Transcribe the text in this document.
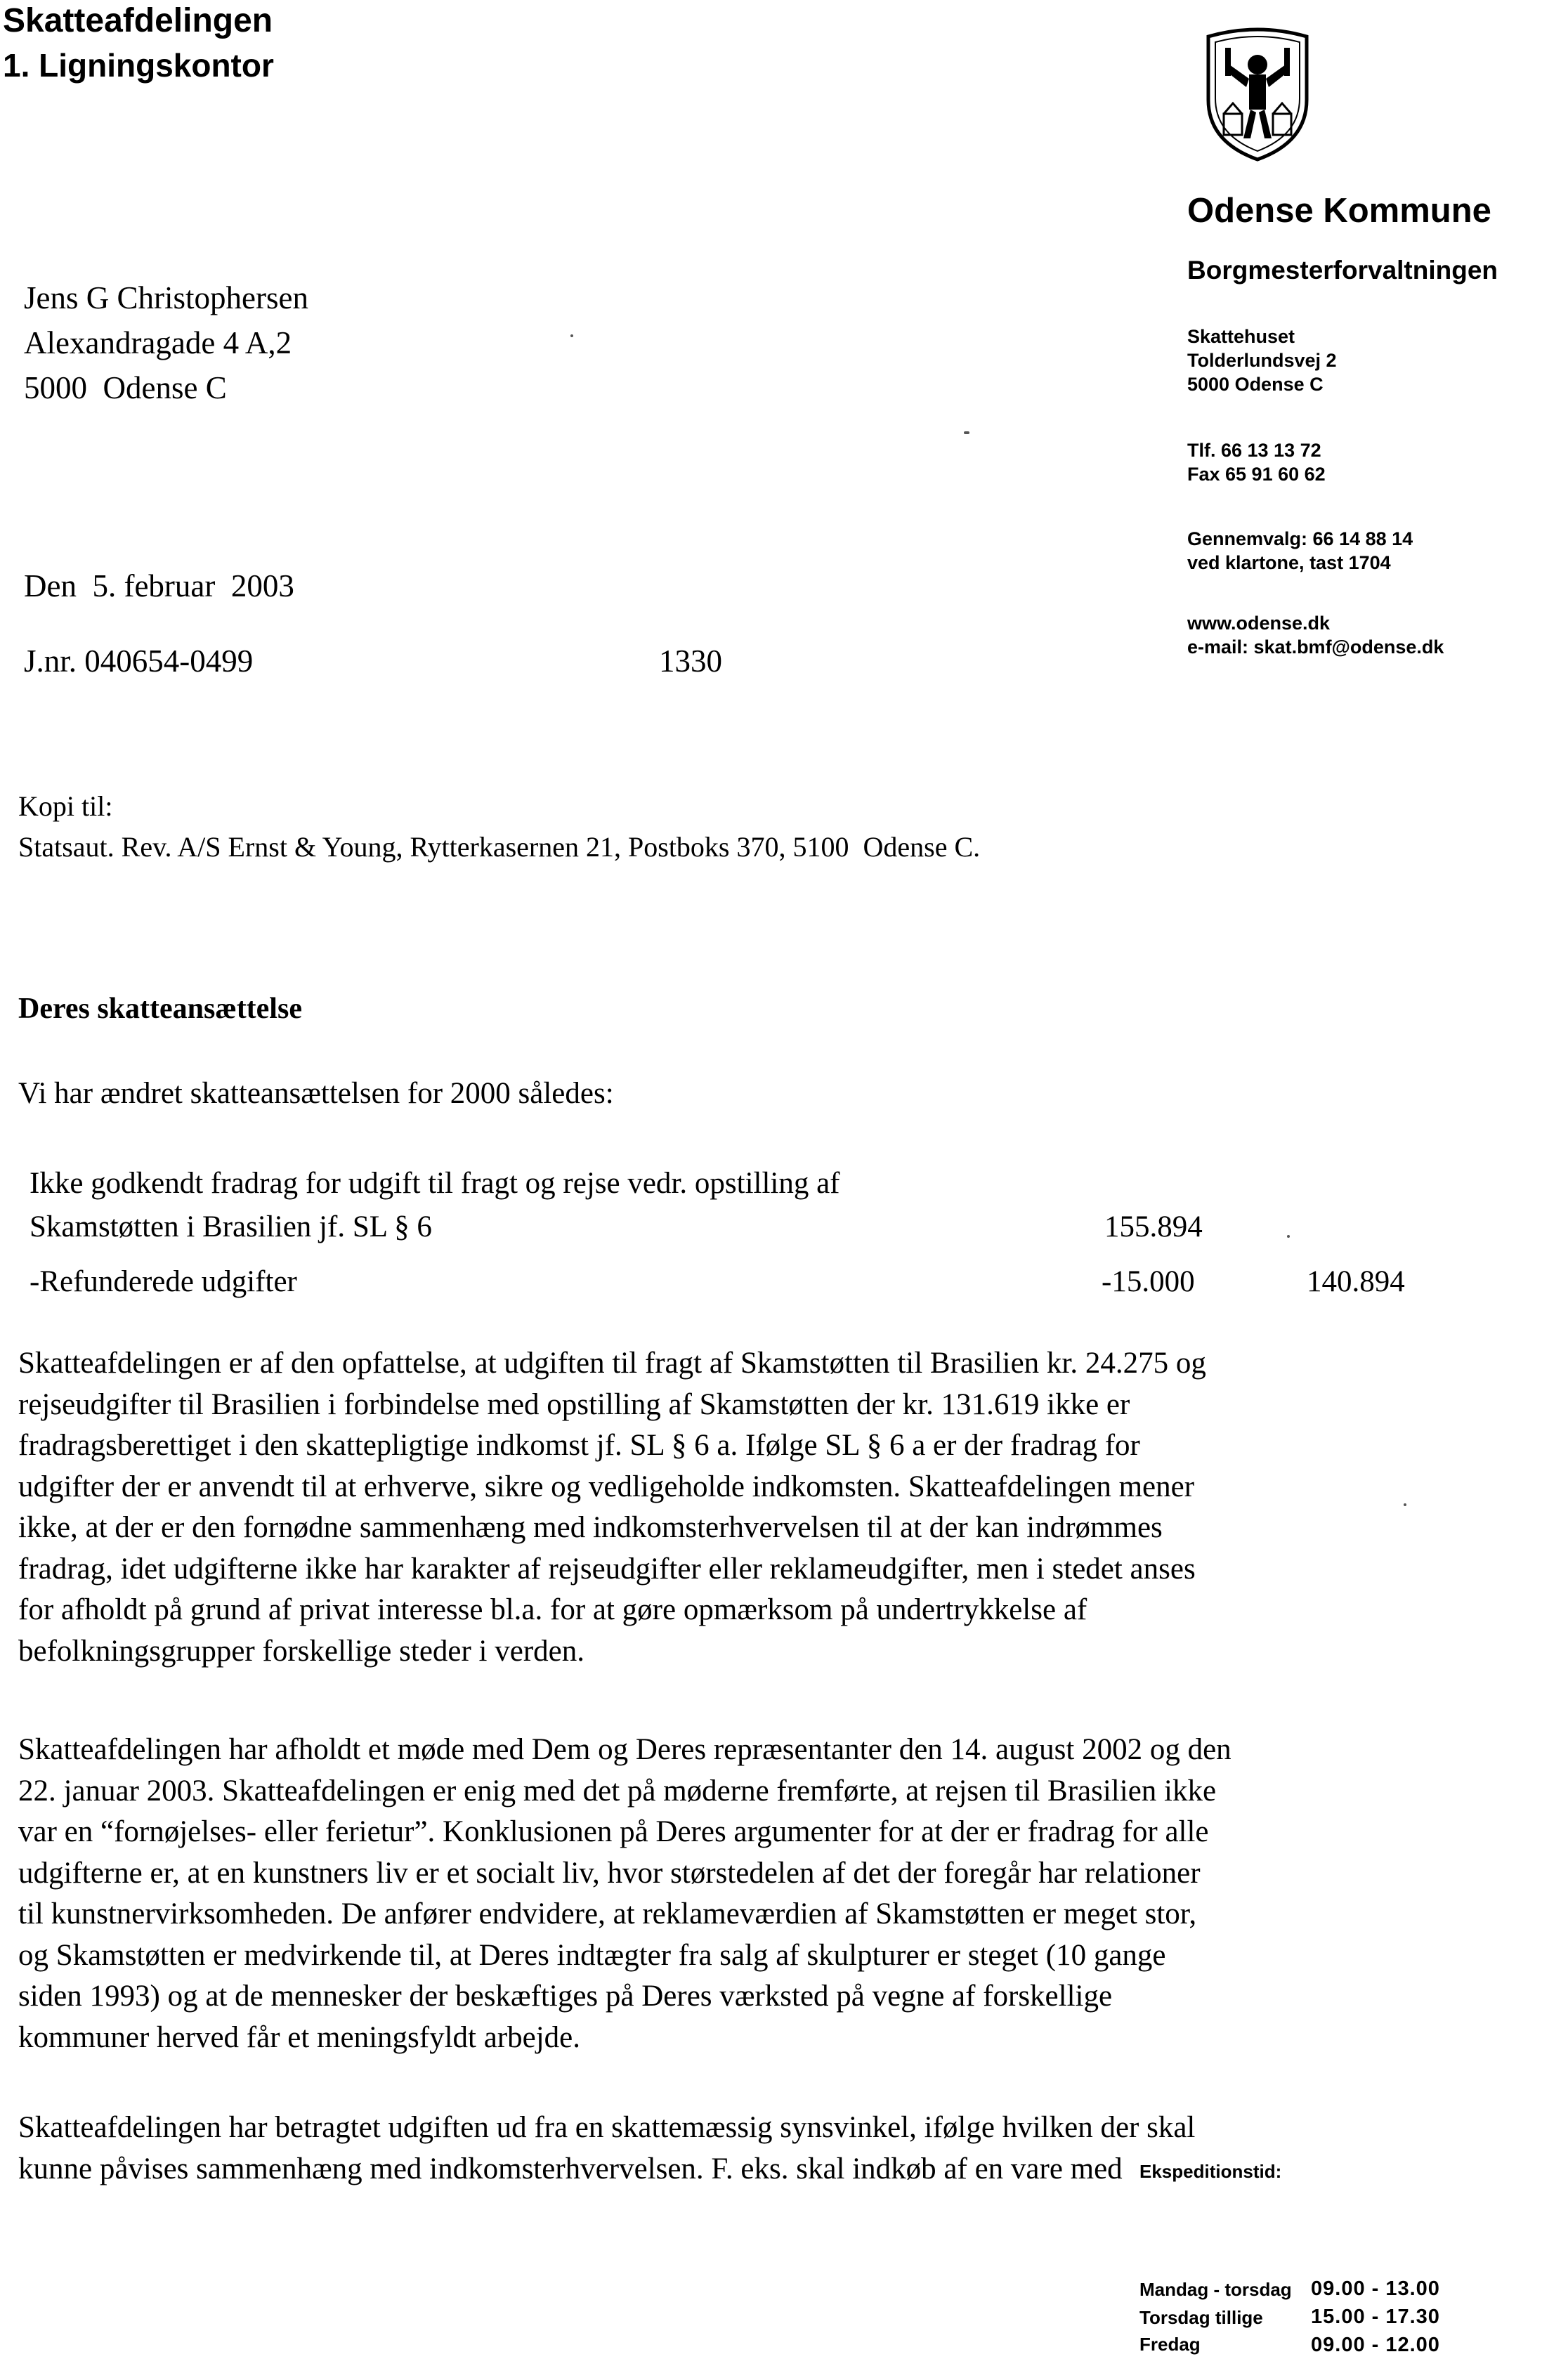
Skatteafdelingen
1. Ligningskontor
Odense Kommune
Borgmesterforvaltningen
Skattehuset
Tolderlundsvej 2
5000 Odense C
Tlf. 66 13 13 72
Fax 65 91 60 62
Gennemvalg: 66 14 88 14
ved klartone, tast 1704
www.odense.dk
e-mail: skat.bmf@odense.dk
Jens G Christophersen
Alexandragade 4 A,2
5000  Odense C
Den  5. februar  2003
J.nr. 040654-0499	1330
Kopi til:
Statsaut. Rev. A/S Ernst & Young, Rytterkasernen 21, Postboks 370, 5100  Odense C.
Deres skatteansættelse
Vi har ændret skatteansættelsen for 2000 således:
Ikke godkendt fradrag for udgift til fragt og rejse vedr. opstilling af
Skamstøtten i Brasilien jf. SL § 6	155.894
-Refunderede udgifter	-15.000	140.894
Skatteafdelingen er af den opfattelse, at udgiften til fragt af Skamstøtten til Brasilien kr. 24.275 og
rejseudgifter til Brasilien i forbindelse med opstilling af Skamstøtten der kr. 131.619 ikke er
fradragsberettiget i den skattepligtige indkomst jf. SL § 6 a. Ifølge SL § 6 a er der fradrag for
udgifter der er anvendt til at erhverve, sikre og vedligeholde indkomsten. Skatteafdelingen mener
ikke, at der er den fornødne sammenhæng med indkomsterhvervelsen til at der kan indrømmes
fradrag, idet udgifterne ikke har karakter af rejseudgifter eller reklameudgifter, men i stedet anses
for afholdt på grund af privat interesse bl.a. for at gøre opmærksom på undertrykkelse af
befolkningsgrupper forskellige steder i verden.
Skatteafdelingen har afholdt et møde med Dem og Deres repræsentanter den 14. august 2002 og den
22. januar 2003. Skatteafdelingen er enig med det på møderne fremførte, at rejsen til Brasilien ikke
var en “fornøjelses- eller ferietur”. Konklusionen på Deres argumenter for at der er fradrag for alle
udgifterne er, at en kunstners liv er et socialt liv, hvor størstedelen af det der foregår har relationer
til kunstnervirksomheden. De anfører endvidere, at reklameværdien af Skamstøtten er meget stor,
og Skamstøtten er medvirkende til, at Deres indtægter fra salg af skulpturer er steget (10 gange
siden 1993) og at de mennesker der beskæftiges på Deres værksted på vegne af forskellige
kommuner herved får et meningsfyldt arbejde.
Skatteafdelingen har betragtet udgiften ud fra en skattemæssig synsvinkel, ifølge hvilken der skal
kunne påvises sammenhæng med indkomsterhvervelsen. F. eks. skal indkøb af en vare med Ekspeditionstid:
Mandag - torsdag 09.00 - 13.00
Torsdag tillige 15.00 - 17.30
Fredag	09.00 - 12.00
